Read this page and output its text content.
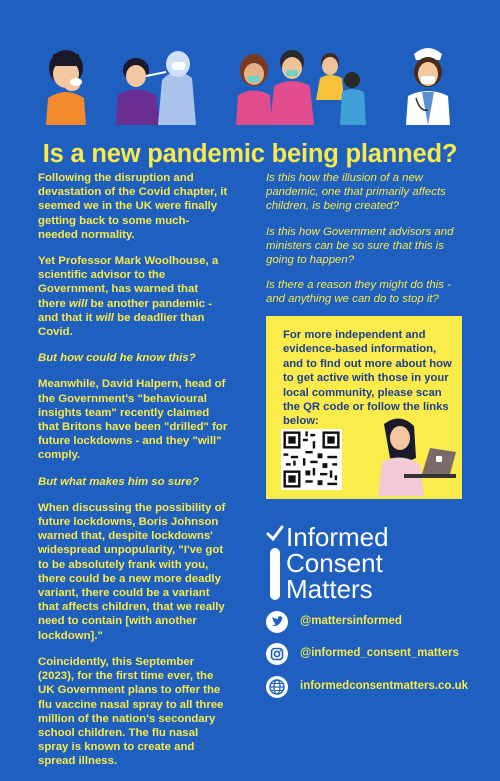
Is a new pandemic being planned?

Following the disruption and devastation of the Covid chapter, it seemed we in the UK were finally getting back to some much-needed normality.

Yet Professor Mark Woolhouse, a scientific advisor to the Government, has warned that there will be another pandemic - and that it will be deadlier than Covid.

But how could he know this?

Meanwhile, David Halpern, head of the Government's "behavioural insights team" recently claimed that Britons have been "drilled" for future lockdowns - and they "will" comply.

But what makes him so sure?

When discussing the possibility of future lockdowns, Boris Johnson warned that, despite lockdowns' widespread unpopularity, "I've got to be absolutely frank with you, there could be a new more deadly variant, there could be a variant that affects children, that we really need to contain [with another lockdown]."

Coincidently, this September (2023), for the first time ever, the UK Government plans to offer the flu vaccine nasal spray to all three million of the nation's secondary school children. The flu nasal spray is known to create and spread illness.

Is this how the illusion of a new pandemic, one that primarily affects children, is being created?

Is this how Government advisors and ministers can be so sure that this is going to happen?

Is there a reason they might do this - and anything we can do to stop it?

For more independent and evidence-based information, and to fInd out more about how to get active with those in your local community, please scan the QR code or follow the links below:
Informed
Consent
Matters
@mattersinformed
@informed_consent_matters
informedconsentmatters.co.uk
